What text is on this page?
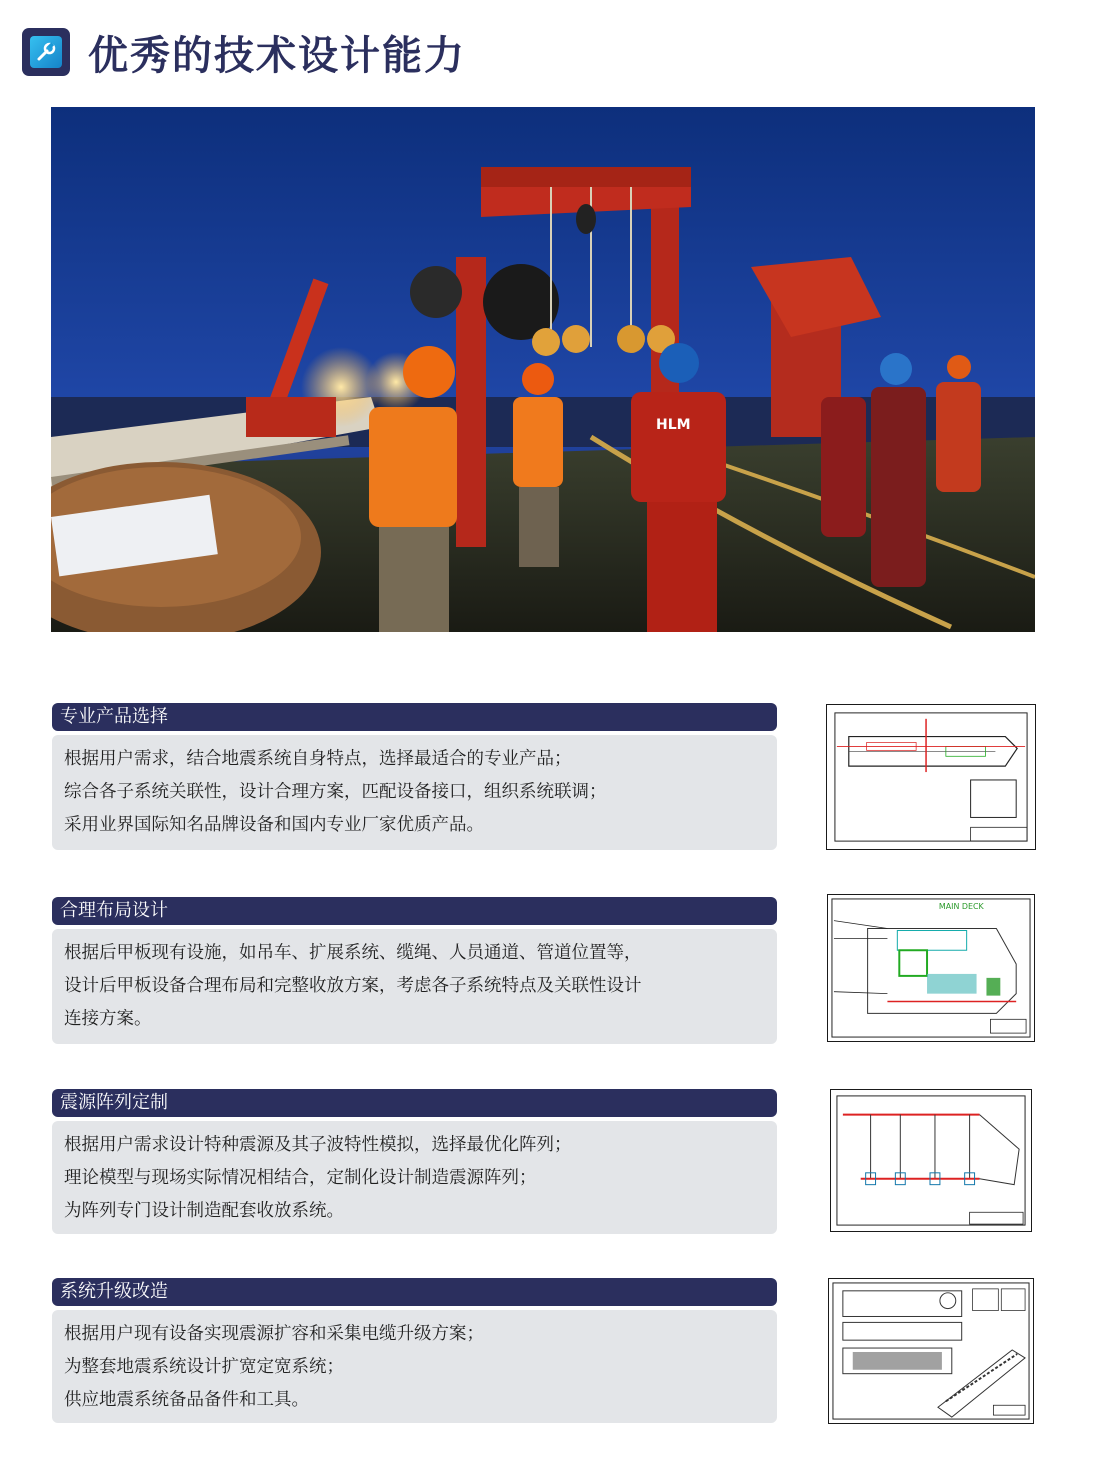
优秀的技术设计能力
HLM
专业产品选择
根据用户需求，结合地震系统自身特点，选择最适合的专业产品；
综合各子系统关联性，设计合理方案，匹配设备接口，组织系统联调；
采用业界国际知名品牌设备和国内专业厂家优质产品。
合理布局设计
根据后甲板现有设施，如吊车、扩展系统、缆绳、人员通道、管道位置等，
设计后甲板设备合理布局和完整收放方案，考虑各子系统特点及关联性设计
连接方案。
MAIN DECK
震源阵列定制
根据用户需求设计特种震源及其子波特性模拟，选择最优化阵列；
理论模型与现场实际情况相结合，定制化设计制造震源阵列；
为阵列专门设计制造配套收放系统。
系统升级改造
根据用户现有设备实现震源扩容和采集电缆升级方案；
为整套地震系统设计扩宽定宽系统；
供应地震系统备品备件和工具。
